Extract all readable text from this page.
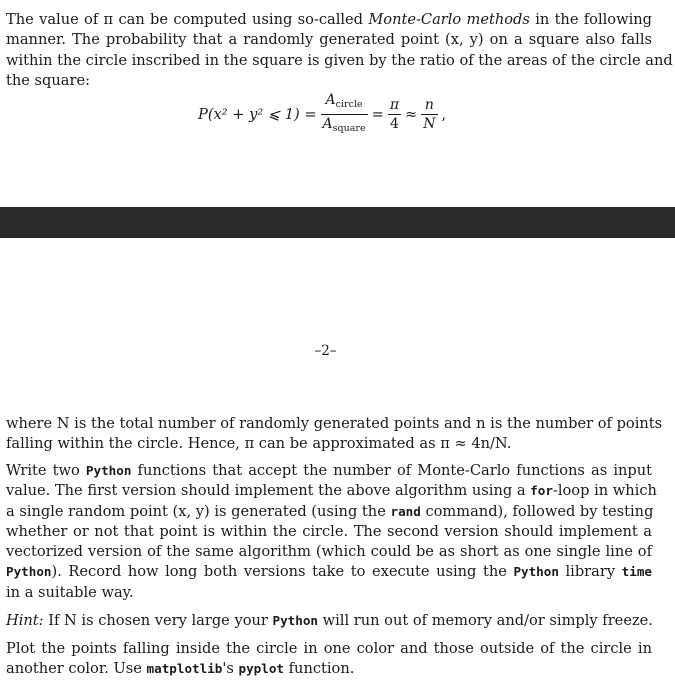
The value of π can be computed using so-called Monte-Carlo methods in the following
manner. The probability that a randomly generated point (x, y) on a square also falls
within the circle inscribed in the square is given by the ratio of the areas of the circle and
the square:
P(x² + y² ⩽ $1) = \frac{A_{circle}}{A_{square}} = \frac{\pi}{4} \approx \frac{n}{N}$ ,
–2–
where N is the total number of randomly generated points and n is the number of points
falling within the circle. Hence, π can be approximated as π ≈ 4n/N.
Write two Python functions that accept the number of Monte-Carlo functions as input
value. The first version should implement the above algorithm using a for-loop in which
a single random point (x, y) is generated (using the rand command), followed by testing
whether or not that point is within the circle. The second version should implement a
vectorized version of the same algorithm (which could be as short as one single line of
Python). Record how long both versions take to execute using the Python library time
in a suitable way.
Hint: If N is chosen very large your Python will run out of memory and/or simply freeze.
Plot the points falling inside the circle in one color and those outside of the circle in
another color. Use matplotlib's pyplot function.
